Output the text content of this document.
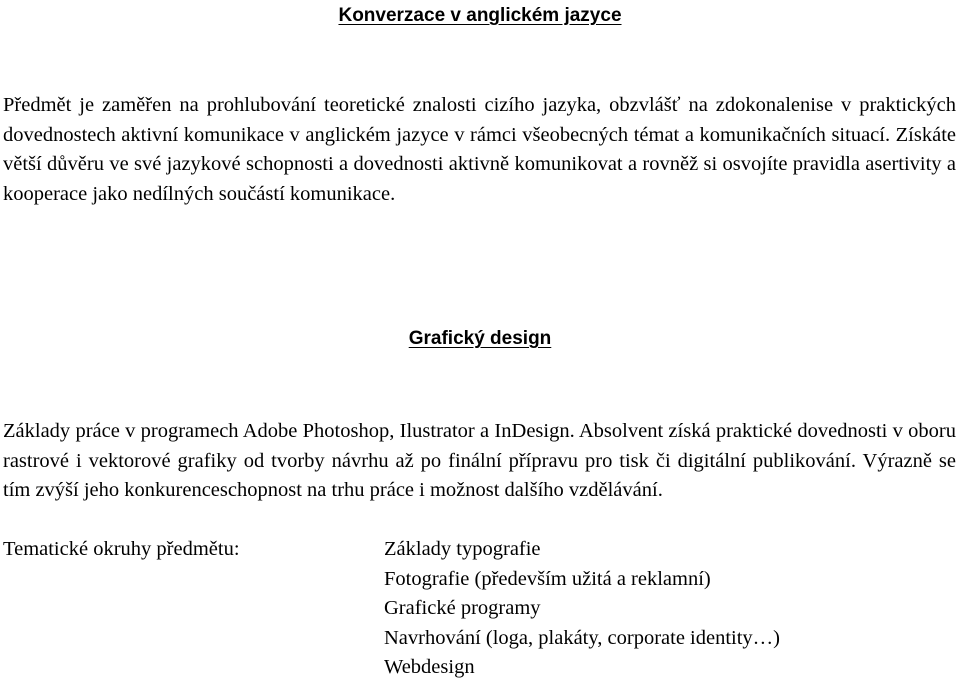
Konverzace v anglickém jazyce

Předmět je zaměřen na prohlubování teoretické znalosti cizího jazyka, obzvlášť na zdokonalenise v praktických dovednostech aktivní komunikace v anglickém jazyce v rámci všeobecných témat a komunikačních situací. Získáte větší důvěru ve své jazykové schopnosti a dovednosti aktivně komunikovat a rovněž si osvojíte pravidla asertivity a kooperace jako nedílných součástí komunikace.

Grafický design

Základy práce v programech Adobe Photoshop, Ilustrator a InDesign. Absolvent získá praktické dovednosti v oboru rastrové i vektorové grafiky od tvorby návrhu až po finální přípravu pro tisk či digitální publikování. Výrazně se tím zvýší jeho konkurenceschopnost na trhu práce i možnost dalšího vzdělávání.

Tematické okruhy předmětu:	Základy typografie
Fotografie (především užitá a reklamní)
Grafické programy
Navrhování (loga, plakáty, corporate identity…)
Webdesign
